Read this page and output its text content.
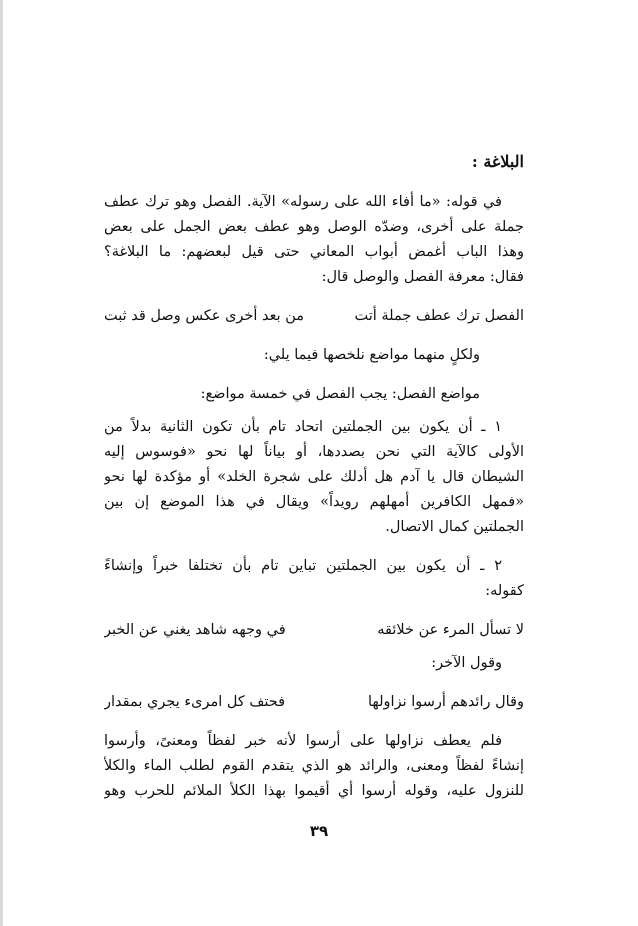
البلاغة :
في قوله: «ما أفاء الله على رسوله» الآية. الفصل وهو ترك عطف
جملة على أخرى، وضدّه الوصل وهو عطف بعض الجمل على بعض
وهذا الباب أغمض أبواب المعاني حتى قيل لبعضهم: ما البلاغة؟
فقال: معرفة الفصل والوصل قال:
الفصل ترك عطف جملة أتت
من بعد أخرى عكس وصل قد ثبت
ولكلٍ منهما مواضع نلخصها فيما يلي:
مواضع الفصل: يجب الفصل في خمسة مواضع:
١ ـ أن يكون بين الجملتين اتحاد تام بأن تكون الثانية بدلاً من
الأولى كالآية التي نحن بصددها، أو بياناً لها نحو «فوسوس إليه
الشيطان قال يا آدم هل أدلك على شجرة الخلد» أو مؤكدة لها نحو
«فمهل الكافرين أمهلهم رويداً» ويقال في هذا الموضع إن بين
الجملتين كمال الاتصال.
٢ ـ أن يكون بين الجملتين تباين تام بأن تختلفا خبراً وإنشاءً
كقوله:
لا تسأل المرء عن خلائقه
في وجهه شاهد يغني عن الخبر
وقول الآخر:
وقال رائدهم أرسوا نزاولها
فحتف كل امرىء يجري بمقدار
فلم يعطف نزاولها على أرسوا لأنه خبر لفظاً ومعنىً، وأرسوا
إنشاءً لفظاً ومعنى، والرائد هو الذي يتقدم القوم لطلب الماء والكلأ
للنزول عليه، وقوله أرسوا أي أقيموا بهذا الكلأ الملائم للحرب وهو
٣٩
